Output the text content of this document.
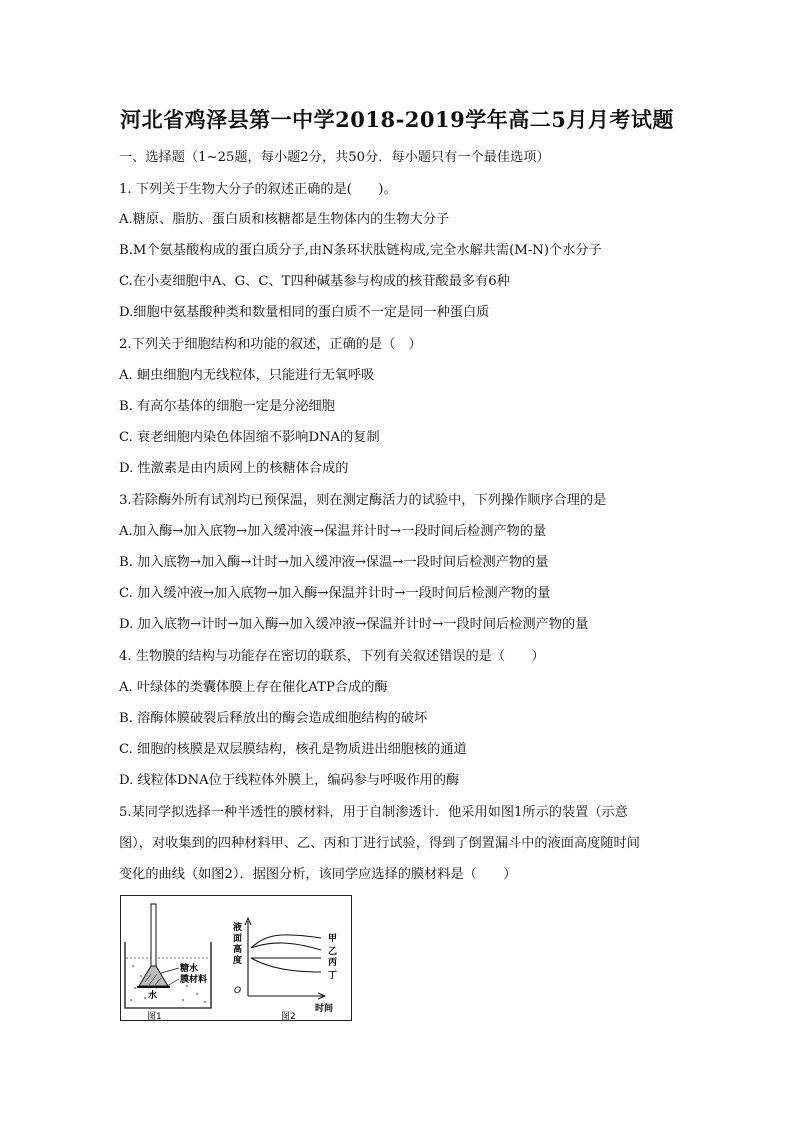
河北省鸡泽县第一中学2018-2019学年高二5月月考试题
一、选择题（1~25题，每小题2分，共50分．每小题只有一个最佳选项）
1. 下列关于生物大分子的叙述正确的是(　　)。
A.糖原、脂肪、蛋白质和核糖都是生物体内的生物大分子
B.M个氨基酸构成的蛋白质分子,由N条环状肽链构成,完全水解共需(M-N)个水分子
C.在小麦细胞中A、G、C、T四种碱基参与构成的核苷酸最多有6种
D.细胞中氨基酸种类和数量相同的蛋白质不一定是同一种蛋白质
2.下列关于细胞结构和功能的叙述，正确的是（　）
A. 蛔虫细胞内无线粒体，只能进行无氧呼吸
B. 有高尔基体的细胞一定是分泌细胞
C. 衰老细胞内染色体固缩不影响DNA的复制
D. 性激素是由内质网上的核糖体合成的
3.若除酶外所有试剂均已预保温，则在测定酶活力的试验中，下列操作顺序合理的是
A.加入酶→加入底物→加入缓冲液→保温并计时→一段时间后检测产物的量
B. 加入底物→加入酶→计时→加入缓冲液→保温→一段时间后检测产物的量
C. 加入缓冲液→加入底物→加入酶→保温并计时→一段时间后检测产物的量
D. 加入底物→计时→加入酶→加入缓冲液→保温并计时→一段时间后检测产物的量
4. 生物膜的结构与功能存在密切的联系，下列有关叙述错误的是（　　）
A. 叶绿体的类囊体膜上存在催化ATP合成的酶
B. 溶酶体膜破裂后释放出的酶会造成细胞结构的破坏
C. 细胞的核膜是双层膜结构，核孔是物质进出细胞核的通道
D. 线粒体DNA位于线粒体外膜上，编码参与呼吸作用的酶
5.某同学拟选择一种半透性的膜材料，用于自制渗透计．他采用如图1所示的装置（示意
图），对收集到的四种材料甲、乙、丙和丁进行试验，得到了倒置漏斗中的液面高度随时间
变化的曲线（如图2）．据图分析，该同学应选择的膜材料是（　　）
糖水
膜材料
水
图1
液
面
高
度
O
时间
甲
乙
丙
丁
图2
